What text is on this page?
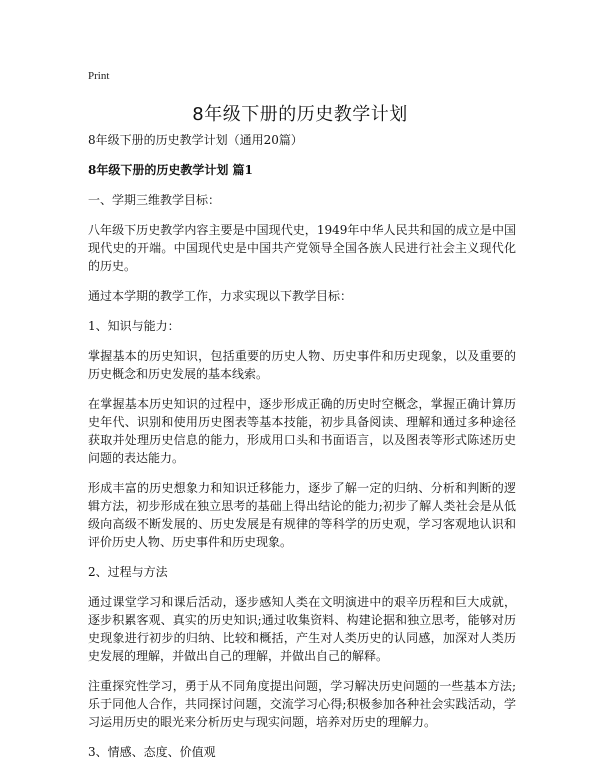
Print
8年级下册的历史教学计划

8年级下册的历史教学计划（通用20篇）

8年级下册的历史教学计划 篇1

一、学期三维教学目标：

八年级下历史教学内容主要是中国现代史，1949年中华人民共和国的成立是中国现代史的开端。中国现代史是中国共产党领导全国各族人民进行社会主义现代化的历史。

通过本学期的教学工作，力求实现以下教学目标：

1、知识与能力：

掌握基本的历史知识，包括重要的历史人物、历史事件和历史现象，以及重要的历史概念和历史发展的基本线索。

在掌握基本历史知识的过程中，逐步形成正确的历史时空概念，掌握正确计算历史年代、识别和使用历史图表等基本技能，初步具备阅读、理解和通过多种途径获取并处理历史信息的能力，形成用口头和书面语言，以及图表等形式陈述历史问题的表达能力。

形成丰富的历史想象力和知识迁移能力，逐步了解一定的归纳、分析和判断的逻辑方法，初步形成在独立思考的基础上得出结论的能力;初步了解人类社会是从低级向高级不断发展的、历史发展是有规律的等科学的历史观，学习客观地认识和评价历史人物、历史事件和历史现象。

2、过程与方法

通过课堂学习和课后活动，逐步感知人类在文明演进中的艰辛历程和巨大成就，逐步积累客观、真实的历史知识;通过收集资料、构建论据和独立思考，能够对历史现象进行初步的归纳、比较和概括，产生对人类历史的认同感，加深对人类历史发展的理解，并做出自己的理解，并做出自己的解释。

注重探究性学习，勇于从不同角度提出问题，学习解决历史问题的一些基本方法;乐于同他人合作，共同探讨问题，交流学习心得;积极参加各种社会实践活动，学习运用历史的眼光来分析历史与现实问题，培养对历史的理解力。

3、情感、态度、价值观
